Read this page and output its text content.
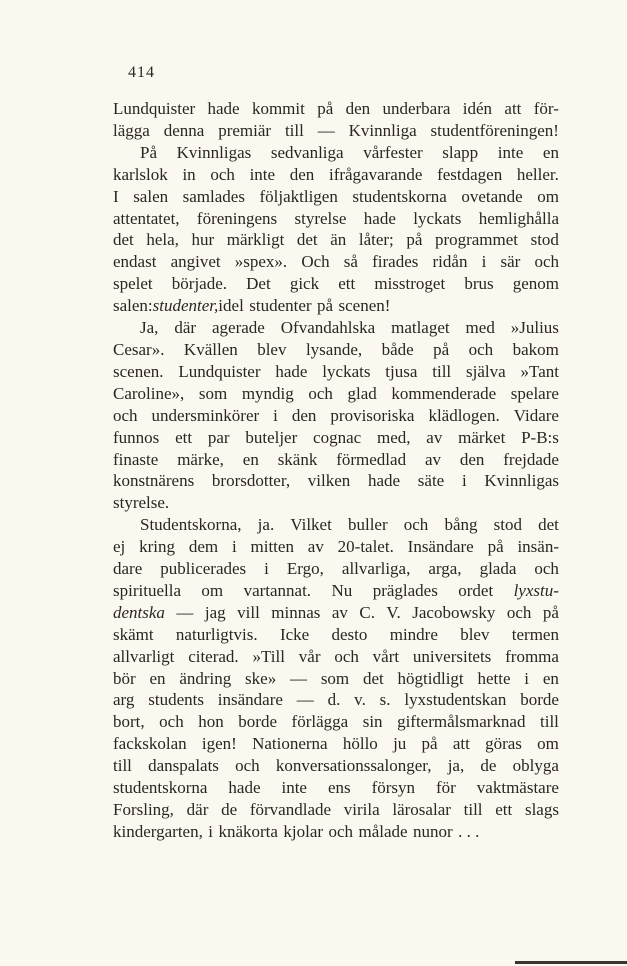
414
Lundquister hade kommit på den underbara idén att för-
lägga denna premiär till — Kvinnliga studentföreningen!
På Kvinnligas sedvanliga vårfester slapp inte en
karlslok in och inte den ifrågavarande festdagen heller.
I salen samlades följaktligen studentskorna ovetande om
attentatet, föreningens styrelse hade lyckats hemlighålla
det hela, hur märkligt det än låter; på programmet stod
endast angivet »spex». Och så firades ridån i sär och
spelet började. Det gick ett misstroget brus genom
salen: studenter, idel studenter på scenen!
Ja, där agerade Ofvandahlska matlaget med »Julius
Cesar». Kvällen blev lysande, både på och bakom
scenen. Lundquister hade lyckats tjusa till själva »Tant
Caroline», som myndig och glad kommenderade spelare
och undersminkörer i den provisoriska klädlogen. Vidare
funnos ett par buteljer cognac med, av märket P-B:s
finaste märke, en skänk förmedlad av den frejdade
konstnärens brorsdotter, vilken hade säte i Kvinnligas
styrelse.
Studentskorna, ja. Vilket buller och bång stod det
ej kring dem i mitten av 20-talet. Insändare på insän-
dare publicerades i Ergo, allvarliga, arga, glada och
spirituella om vartannat. Nu präglades ordet lyxstu-
dentska — jag vill minnas av C. V. Jacobowsky och på
skämt naturligtvis. Icke desto mindre blev termen
allvarligt citerad. »Till vår och vårt universitets fromma
bör en ändring ske» — som det högtidligt hette i en
arg students insändare — d. v. s. lyxstudentskan borde
bort, och hon borde förlägga sin giftermålsmarknad till
fackskolan igen! Nationerna höllo ju på att göras om
till danspalats och konversationssalonger, ja, de oblyga
studentskorna hade inte ens försyn för vaktmästare
Forsling, där de förvandlade virila lärosalar till ett slags
kindergarten, i knäkorta kjolar och målade nunor . . .
